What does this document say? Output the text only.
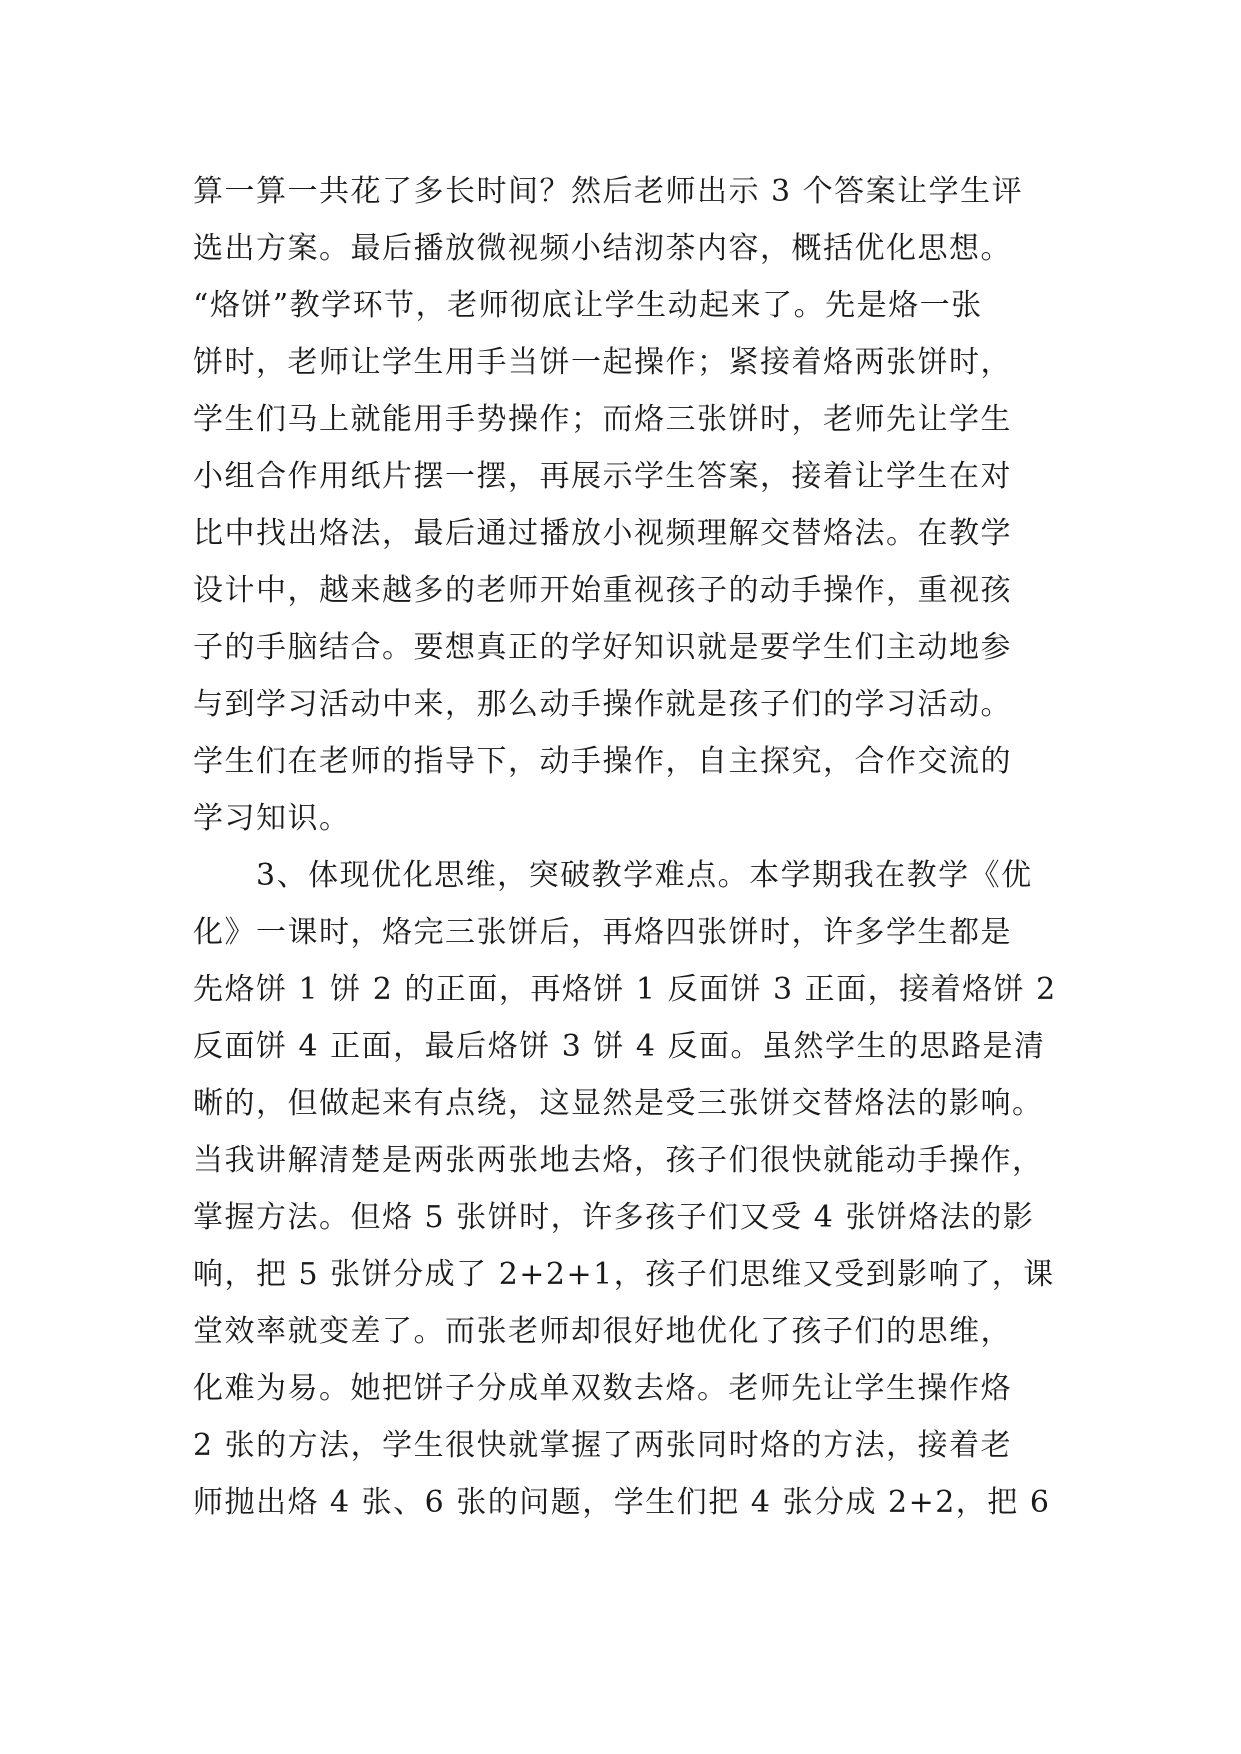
算一算一共花了多长时间？然后老师出示 3 个答案让学生评
选出方案。最后播放微视频小结沏茶内容，概括优化思想。
“烙饼”教学环节，老师彻底让学生动起来了。先是烙一张
饼时，老师让学生用手当饼一起操作；紧接着烙两张饼时，
学生们马上就能用手势操作；而烙三张饼时，老师先让学生
小组合作用纸片摆一摆，再展示学生答案，接着让学生在对
比中找出烙法，最后通过播放小视频理解交替烙法。在教学
设计中，越来越多的老师开始重视孩子的动手操作，重视孩
子的手脑结合。要想真正的学好知识就是要学生们主动地参
与到学习活动中来，那么动手操作就是孩子们的学习活动。
学生们在老师的指导下，动手操作，自主探究，合作交流的
学习知识。
　　3、体现优化思维，突破教学难点。本学期我在教学《优
化》一课时，烙完三张饼后，再烙四张饼时，许多学生都是
先烙饼 1 饼 2 的正面，再烙饼 1 反面饼 3 正面，接着烙饼 2
反面饼 4 正面，最后烙饼 3 饼 4 反面。虽然学生的思路是清
晰的，但做起来有点绕，这显然是受三张饼交替烙法的影响。
当我讲解清楚是两张两张地去烙，孩子们很快就能动手操作，
掌握方法。但烙 5 张饼时，许多孩子们又受 4 张饼烙法的影
响，把 5 张饼分成了 2+2+1，孩子们思维又受到影响了，课
堂效率就变差了。而张老师却很好地优化了孩子们的思维，
化难为易。她把饼子分成单双数去烙。老师先让学生操作烙
2 张的方法，学生很快就掌握了两张同时烙的方法，接着老
师抛出烙 4 张、6 张的问题，学生们把 4 张分成 2+2，把 6
